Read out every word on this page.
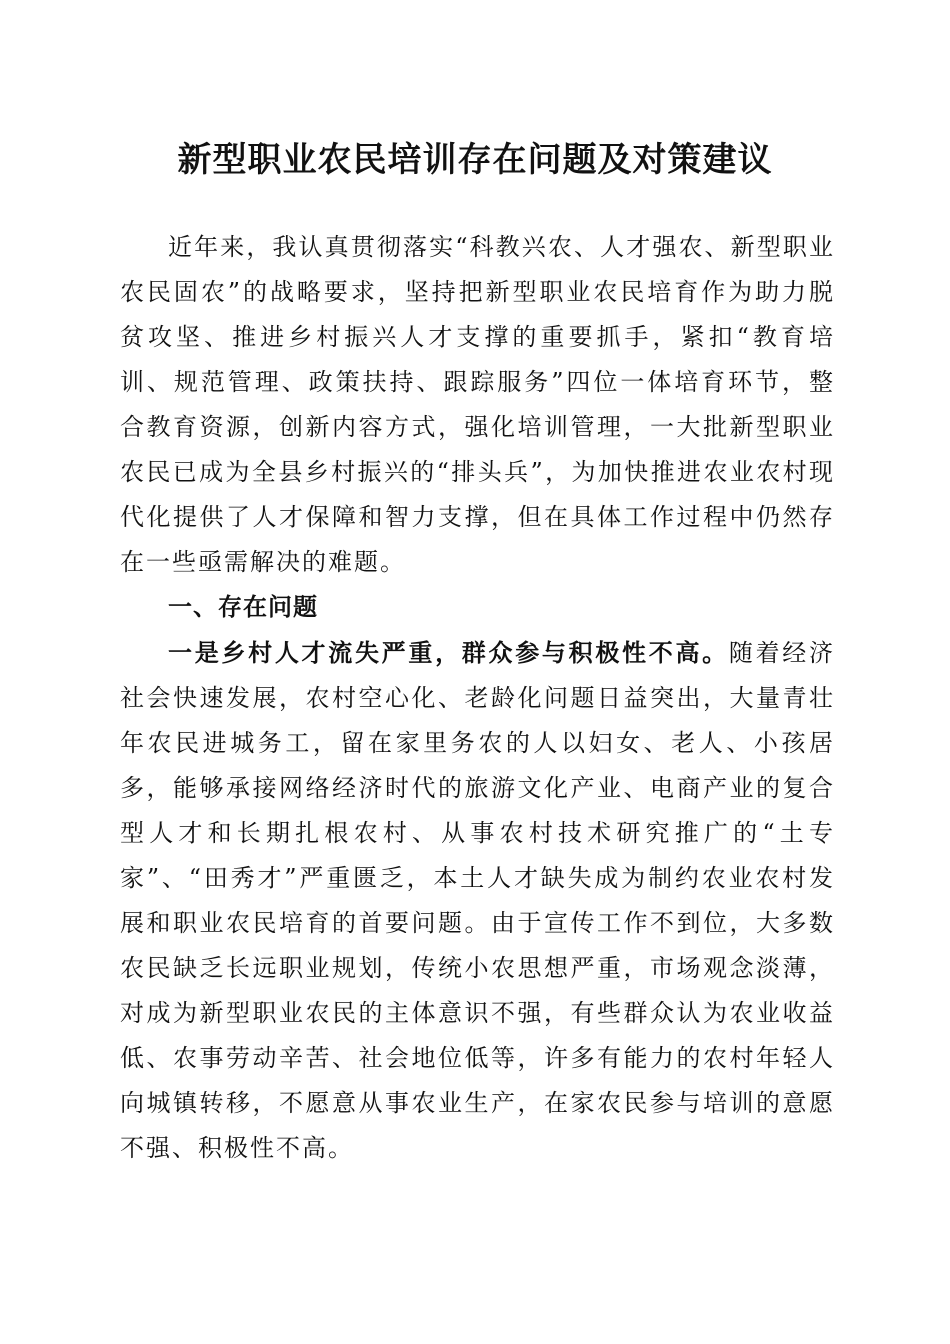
新型职业农民培训存在问题及对策建议

近年来，我认真贯彻落实“科教兴农、人才强农、新型职业农民固农”的战略要求，坚持把新型职业农民培育作为助力脱贫攻坚、推进乡村振兴人才支撑的重要抓手，紧扣“教育培训、规范管理、政策扶持、跟踪服务”四位一体培育环节，整合教育资源，创新内容方式，强化培训管理，一大批新型职业农民已成为全县乡村振兴的“排头兵”，为加快推进农业农村现代化提供了人才保障和智力支撑，但在具体工作过程中仍然存在一些亟需解决的难题。

一、存在问题

一是乡村人才流失严重，群众参与积极性不高。随着经济社会快速发展，农村空心化、老龄化问题日益突出，大量青壮年农民进城务工，留在家里务农的人以妇女、老人、小孩居多，能够承接网络经济时代的旅游文化产业、电商产业的复合型人才和长期扎根农村、从事农村技术研究推广的“土专家”、“田秀才”严重匮乏，本土人才缺失成为制约农业农村发展和职业农民培育的首要问题。由于宣传工作不到位，大多数农民缺乏长远职业规划，传统小农思想严重，市场观念淡薄，对成为新型职业农民的主体意识不强，有些群众认为农业收益低、农事劳动辛苦、社会地位低等，许多有能力的农村年轻人向城镇转移，不愿意从事农业生产，在家农民参与培训的意愿不强、积极性不高。
